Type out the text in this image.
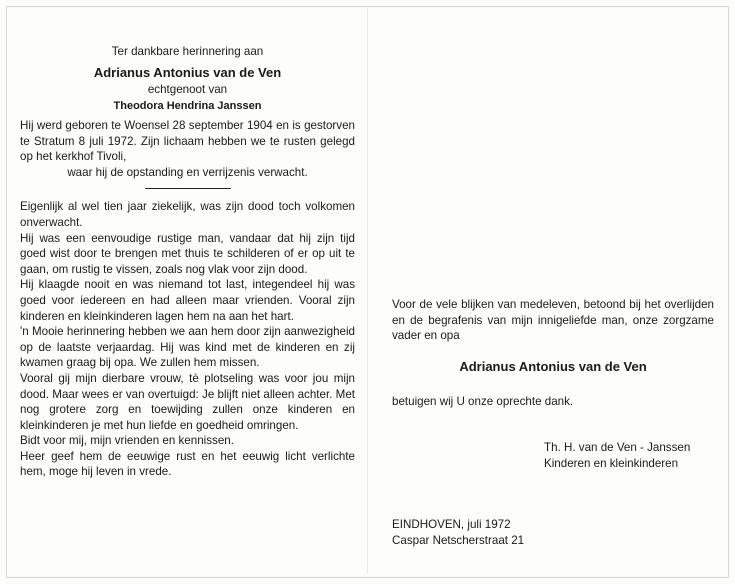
Ter dankbare herinnering aan
Adrianus Antonius van de Ven
echtgenoot van
Theodora Hendrina Janssen

Hij werd geboren te Woensel 28 september 1904 en is gestorven te Stratum 8 juli 1972. Zijn lichaam hebben we te rusten gelegd op het kerkhof Tivoli,

waar hij de opstanding en verrijzenis verwacht.

Eigenlijk al wel tien jaar ziekelijk, was zijn dood toch volkomen onverwacht.

Hij was een eenvoudige rustige man, vandaar dat hij zijn tijd goed wist door te brengen met thuis te schilderen of er op uit te gaan, om rustig te vissen, zoals nog vlak voor zijn dood.

Hij klaagde nooit en was niemand tot last, integendeel hij was goed voor iedereen en had alleen maar vrienden. Vooral zijn kinderen en kleinkinderen lagen hem na aan het hart.

'n Mooie herinnering hebben we aan hem door zijn aanwezigheid op de laatste verjaardag. Hij was kind met de kinderen en zij kwamen graag bij opa. We zullen hem missen.

Vooral gij mijn dierbare vrouw, tè plotseling was voor jou mijn dood. Maar wees er van overtuigd: Je blijft niet alleen achter. Met nog grotere zorg en toewijding zullen onze kinderen en kleinkinderen je met hun liefde en goedheid omringen.

Bidt voor mij, mijn vrienden en kennissen.

Heer geef hem de eeuwige rust en het eeuwig licht verlichte hem, moge hij leven in vrede.

Voor de vele blijken van medeleven, betoond bij het overlijden en de begrafenis van mijn innigeliefde man, onze zorgzame vader en opa

Adrianus Antonius van de Ven
betuigen wij U onze oprechte dank.
Th. H. van de Ven - Janssen
Kinderen en kleinkinderen
EINDHOVEN, juli 1972
Caspar Netscherstraat 21
